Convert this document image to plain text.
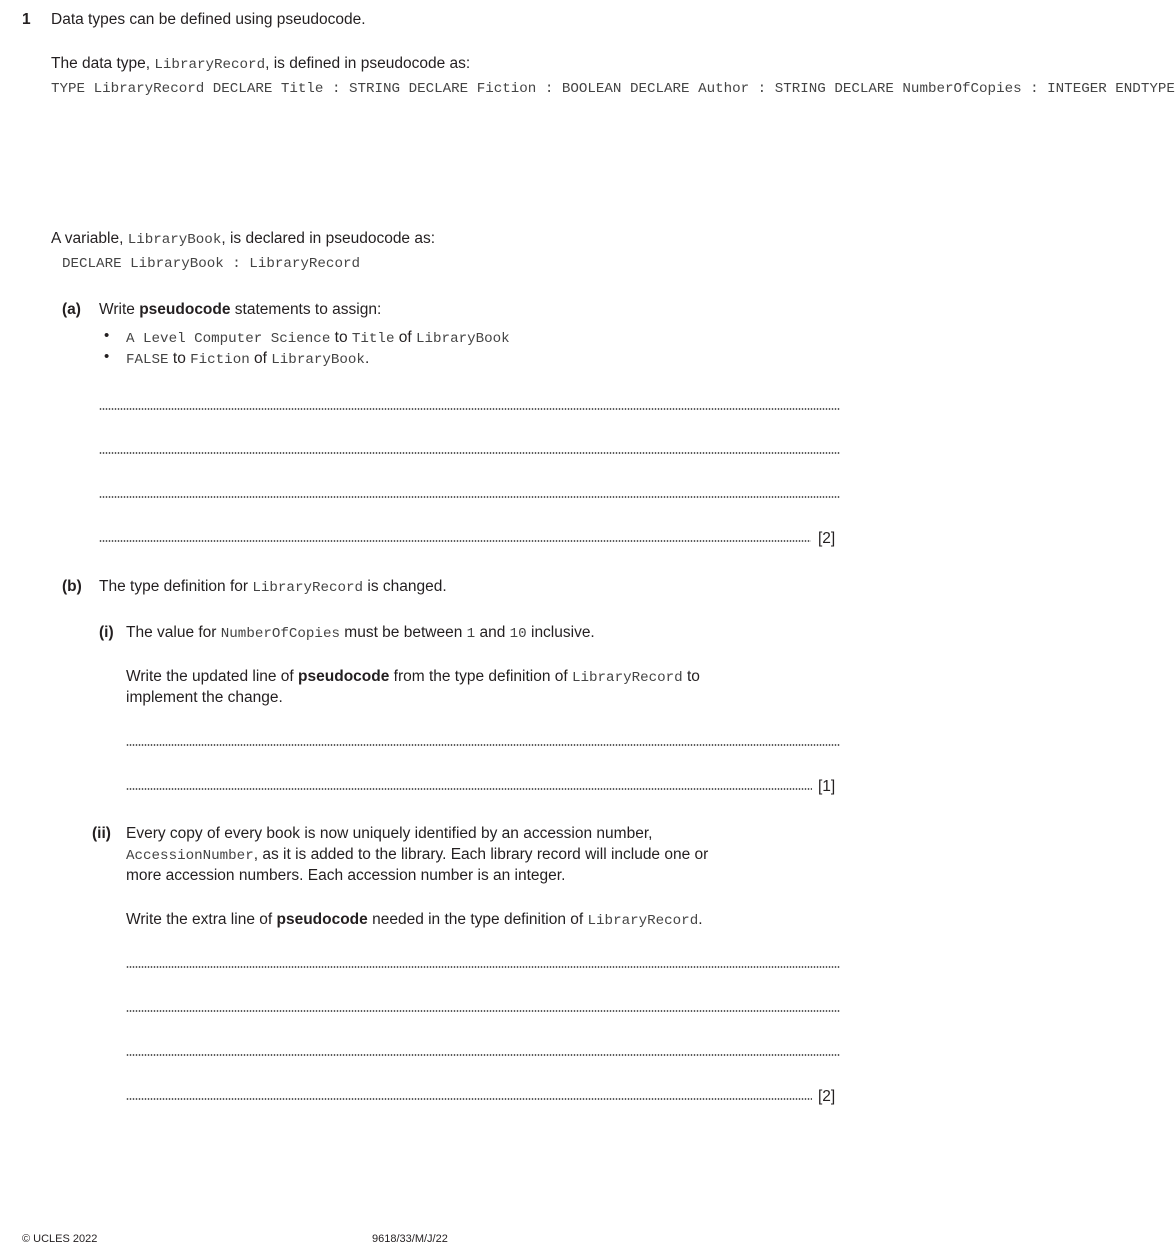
1 Data types can be defined using pseudocode.
The data type, LibraryRecord, is defined in pseudocode as:
TYPE LibraryRecord DECLARE Title : STRING DECLARE Fiction : BOOLEAN DECLARE Author : STRING DECLARE NumberOfCopies : INTEGER ENDTYPE
A variable, LibraryBook, is declared in pseudocode as:
DECLARE LibraryBook : LibraryRecord
(a) Write pseudocode statements to assign:
• A Level Computer Science to Title of LibraryBook
• FALSE to Fiction of LibraryBook.
[2]
(b) The type definition for LibraryRecord is changed.
(i) The value for NumberOfCopies must be between 1 and 10 inclusive.
Write the updated line of pseudocode from the type definition of LibraryRecord to
implement the change.
[1]
(ii) Every copy of every book is now uniquely identified by an accession number,
AccessionNumber, as it is added to the library. Each library record will include one or
more accession numbers. Each accession number is an integer.
Write the extra line of pseudocode needed in the type definition of LibraryRecord.
[2]
© UCLES 2022	9618/33/M/J/22
